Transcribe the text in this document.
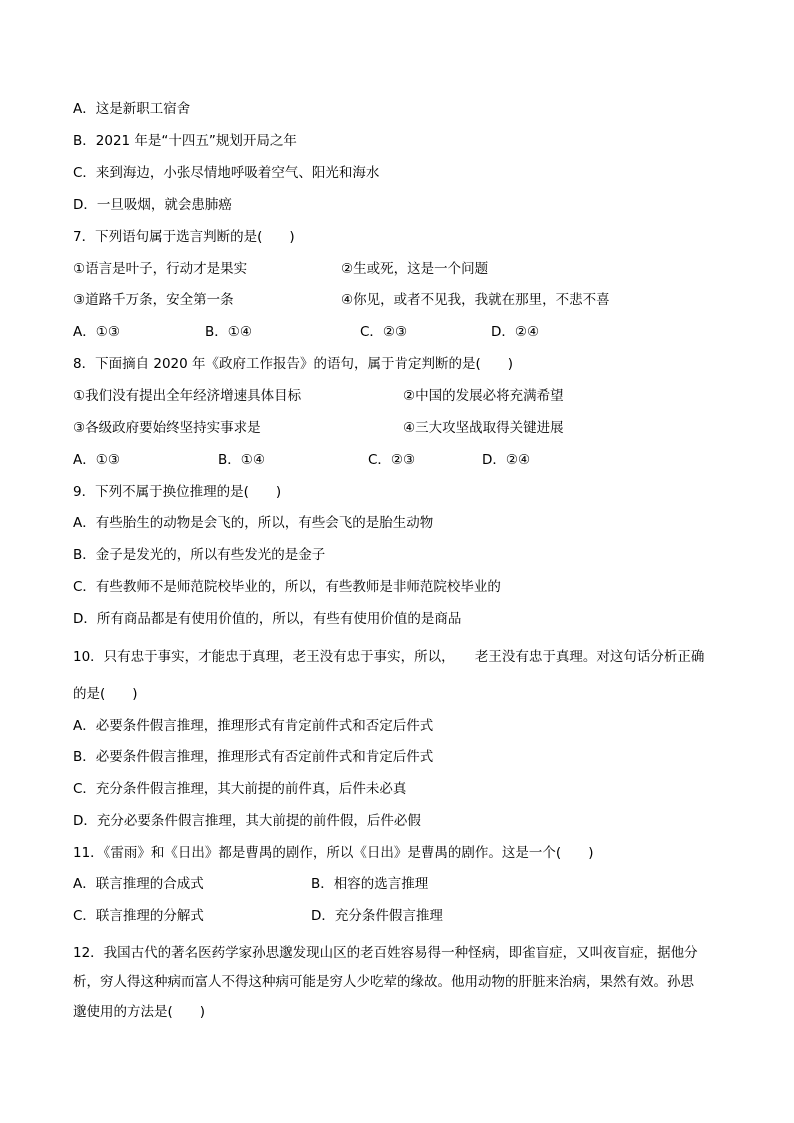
A．这是新职工宿舍
B．2021 年是“十四五”规划开局之年
C．来到海边，小张尽情地呼吸着空气、阳光和海水
D．一旦吸烟，就会患肺癌
7．下列语句属于选言判断的是(　　)
①语言是叶子，行动才是果实	②生或死，这是一个问题
③道路千万条，安全第一条	④你见，或者不见我，我就在那里，不悲不喜
A．①③	B．①④	C．②③	D．②④
8．下面摘自 2020 年《政府工作报告》的语句，属于肯定判断的是(　　)
①我们没有提出全年经济增速具体目标	②中国的发展必将充满希望
③各级政府要始终坚持实事求是	④三大攻坚战取得关键进展
A．①③	B．①④	C．②③	D．②④
9．下列不属于换位推理的是(　　)
A．有些胎生的动物是会飞的，所以，有些会飞的是胎生动物
B．金子是发光的，所以有些发光的是金子
C．有些教师不是师范院校毕业的，所以，有些教师是非师范院校毕业的
D．所有商品都是有使用价值的，所以，有些有使用价值的是商品
10．只有忠于事实，才能忠于真理，老王没有忠于事实，所以，　　老王没有忠于真理。对这句话分析正确
的是(　　)
A．必要条件假言推理，推理形式有肯定前件式和否定后件式
B．必要条件假言推理，推理形式有否定前件式和肯定后件式
C．充分条件假言推理，其大前提的前件真，后件未必真
D．充分必要条件假言推理，其大前提的前件假，后件必假
11．《雷雨》和《日出》都是曹禺的剧作，所以《日出》是曹禺的剧作。这是一个(　　)
A．联言推理的合成式	B．相容的选言推理
C．联言推理的分解式	D．充分条件假言推理
12．我国古代的著名医药学家孙思邈发现山区的老百姓容易得一种怪病，即雀盲症，又叫夜盲症，据他分
析，穷人得这种病而富人不得这种病可能是穷人少吃荤的缘故。他用动物的肝脏来治病，果然有效。孙思
邈使用的方法是(　　)
